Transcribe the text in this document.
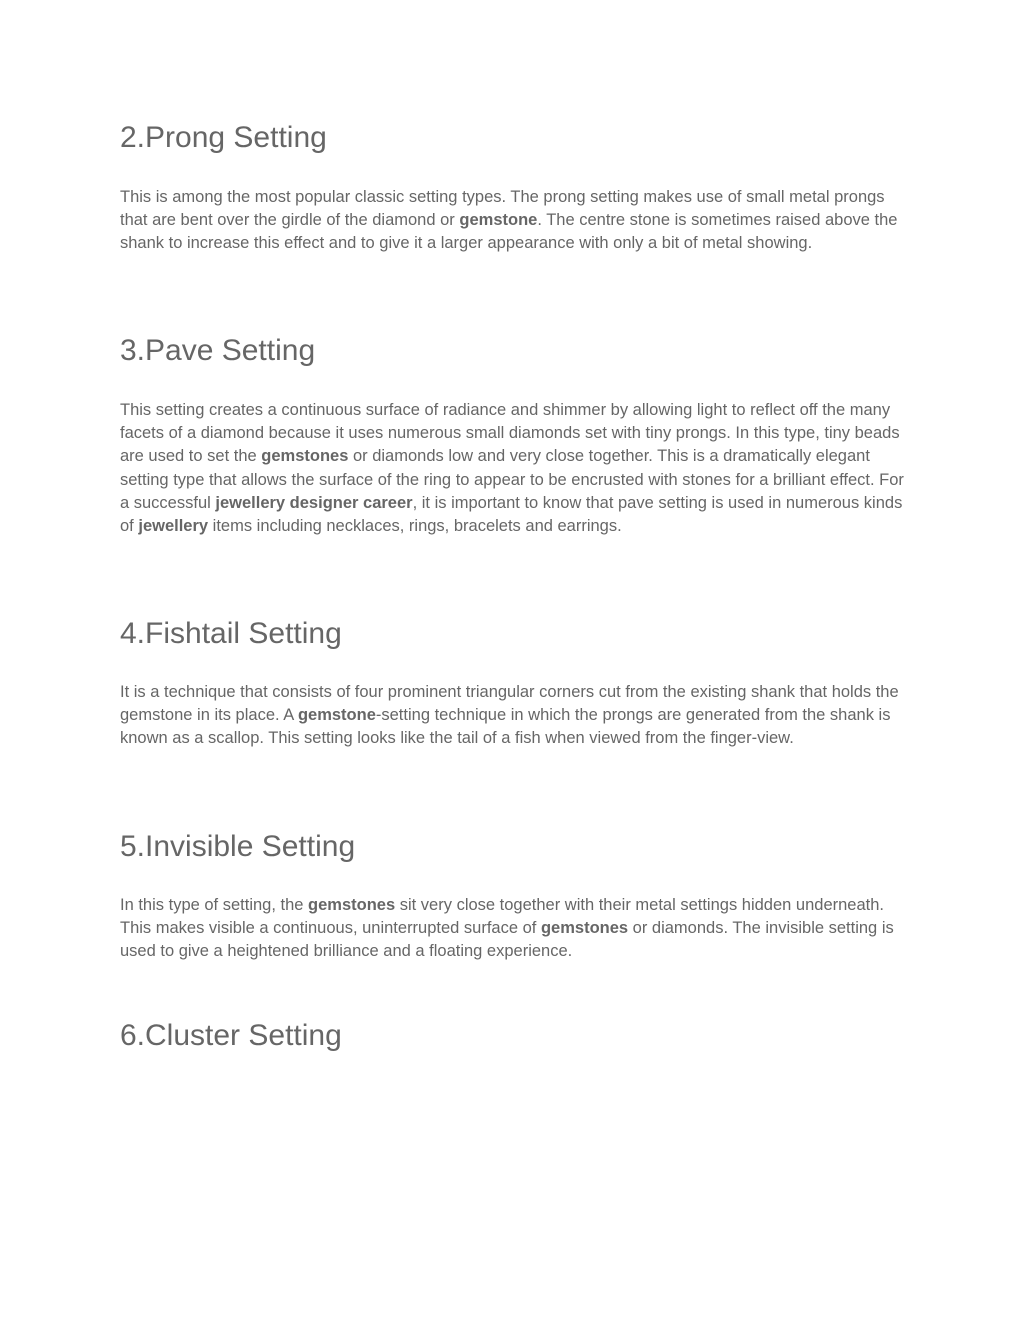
2.Prong Setting

This is among the most popular classic setting types. The prong setting makes use of small metal prongs that are bent over the girdle of the diamond or gemstone. The centre stone is sometimes raised above the shank to increase this effect and to give it a larger appearance with only a bit of metal showing.

3.Pave Setting

This setting creates a continuous surface of radiance and shimmer by allowing light to reflect off the many facets of a diamond because it uses numerous small diamonds set with tiny prongs. In this type, tiny beads are used to set the gemstones or diamonds low and very close together. This is a dramatically elegant setting type that allows the surface of the ring to appear to be encrusted with stones for a brilliant effect. For a successful jewellery designer career, it is important to know that pave setting is used in numerous kinds of jewellery items including necklaces, rings, bracelets and earrings.

4.Fishtail Setting

It is a technique that consists of four prominent triangular corners cut from the existing shank that holds the gemstone in its place. A gemstone-setting technique in which the prongs are generated from the shank is known as a scallop. This setting looks like the tail of a fish when viewed from the finger-view.

5.Invisible Setting

In this type of setting, the gemstones sit very close together with their metal settings hidden underneath. This makes visible a continuous, uninterrupted surface of gemstones or diamonds. The invisible setting is used to give a heightened brilliance and a floating experience.

6.Cluster Setting
